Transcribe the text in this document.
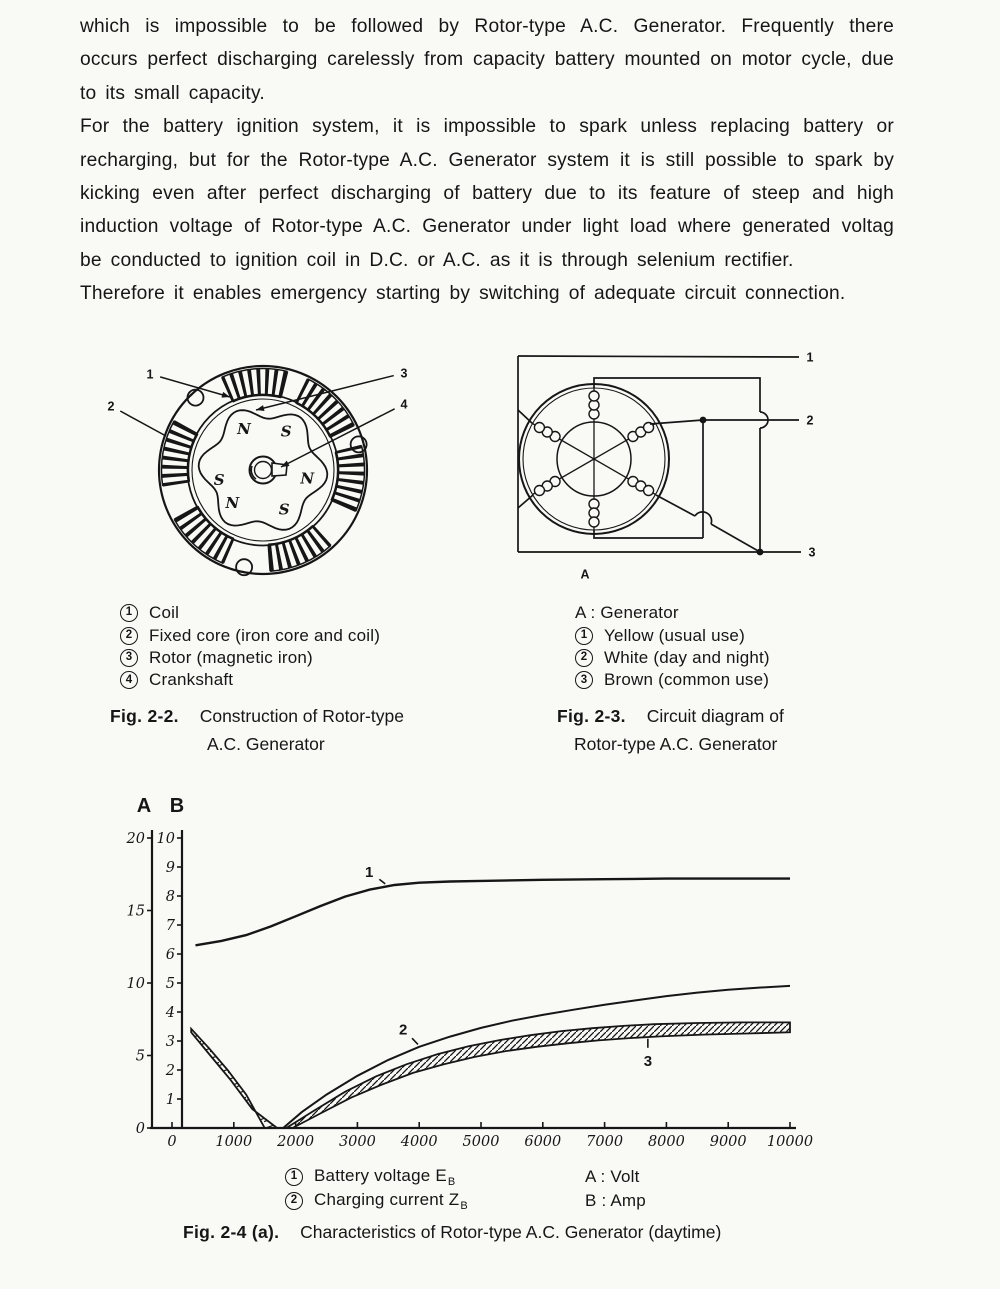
which is impossible to be followed by Rotor-type A.C. Generator. Frequently there
occurs perfect discharging carelessly from capacity battery mounted on motor cycle, due
to its small capacity.
For the battery ignition system, it is impossible to spark unless replacing battery or
recharging, but for the Rotor-type A.C. Generator system it is still possible to spark by
kicking even after perfect discharging of battery due to its feature of steep and high
induction voltage of Rotor-type A.C. Generator under light load where generated voltag
be conducted to ignition coil in D.C. or A.C. as it is through selenium rectifier.
Therefore it enables emergency starting by switching of adequate circuit connection.
N S
S	N
N	S
1
2
3
4
1
2
3
A
1 Coil
2 Fixed core (iron core and coil)
3 Rotor (magnetic iron)
4 Crankshaft
Fig. 2-2. Construction of Rotor-type
A.C. Generator
A : Generator
1 Yellow (usual use)
2 White (day and night)
3 Brown (common use)
Fig. 2-3. Circuit diagram of
Rotor-type A.C. Generator
A B
0
5
10
15
20
1
2
3
4
5
6
7
8
9
10
0	1000 2000 3000 4000 5000 6000 7000 8000 9000 10000
1
2
3
1 Battery voltage $E_B$
2 Charging current $Z_B$
A : Volt
B : Amp
Fig. 2-4 (a). Characteristics of Rotor-type A.C. Generator (daytime)
